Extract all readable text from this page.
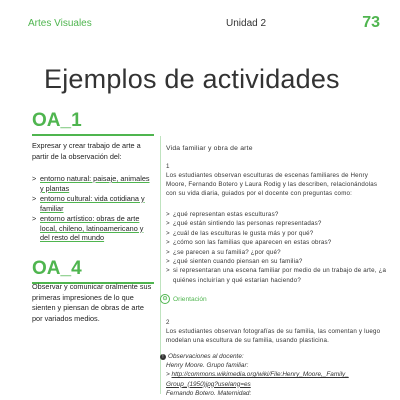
Artes Visuales	Unidad 2	73
Ejemplos de actividades
OA_1
Expresar y crear trabajo de arte a partir de la observación del:
> entorno natural: paisaje, animales y plantas
> entorno cultural: vida cotidiana y familiar
> entorno artístico: obras de arte local, chileno, latinoamericano y del resto del mundo
OA_4
Observar y comunicar oralmente sus primeras impresiones de lo que sienten y piensan de obras de arte por variados medios.
Vida familiar y obra de arte
1
Los estudiantes observan esculturas de escenas familiares de Henry Moore, Fernando Botero y Laura Rodig y las describen, relacionándolas con su vida diaria, guiados por el docente con preguntas como:
> ¿qué representan estas esculturas?
> ¿qué están sintiendo las personas representadas?
> ¿cuál de las esculturas le gusta más y por qué?
> ¿cómo son las familias que aparecen en estas obras?
> ¿se parecen a su familia? ¿por qué?
> ¿qué sienten cuando piensan en su familia?
> si representaran una escena familiar por medio de un trabajo de arte, ¿a quiénes incluirían y qué estarían haciendo?
⊙ Orientación
2
Los estudiantes observan fotografías de su familia, las comentan y luego modelan una escultura de su familia, usando plasticina.
! Observaciones al docente:
Henry Moore. Grupo familiar:
> http://commons.wikimedia.org/wiki/File:Henry_Moore,_Family_
Group_(1950)jpg?uselang=es
Fernando Botero. Maternidad:
